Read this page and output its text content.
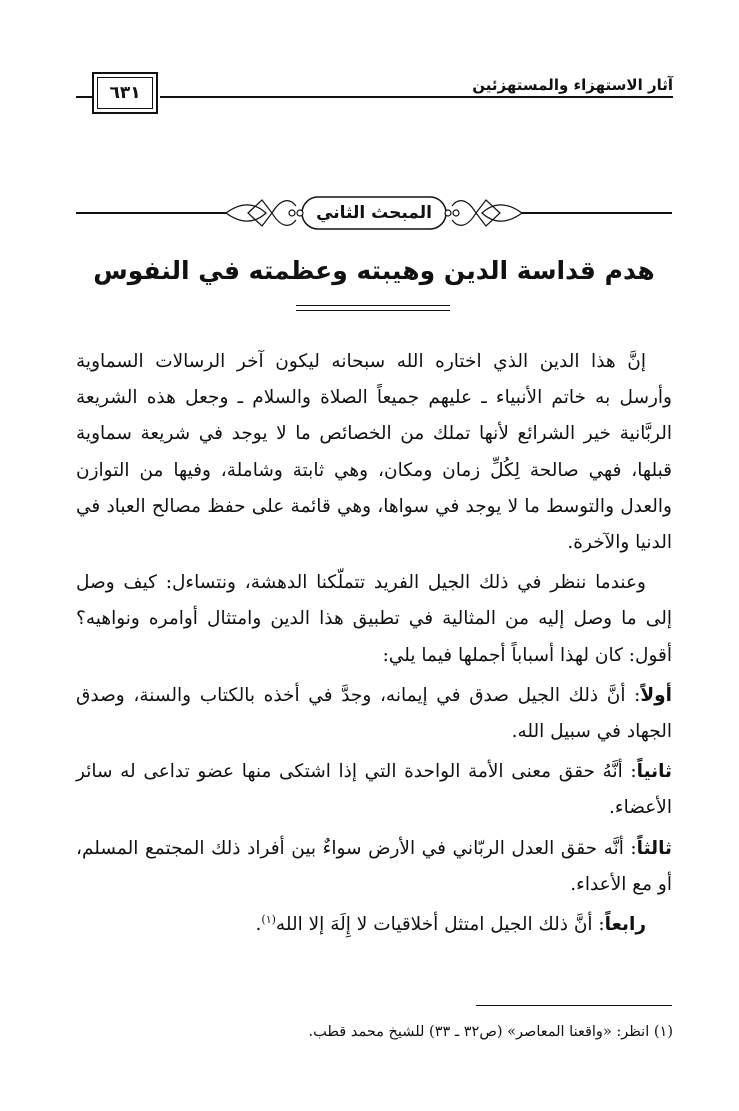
آثار الاستهزاء والمستهزئين
٦٣١
المبحث الثاني
هدم قداسة الدين وهيبته وعظمته في النفوس

إنَّ هذا الدين الذي اختاره الله سبحانه ليكون آخر الرسالات السماوية وأرسل به خاتم الأنبياء ـ عليهم جميعاً الصلاة والسلام ـ وجعل هذه الشريعة الربَّانية خير الشرائع لأنها تملك من الخصائص ما لا يوجد في شريعة سماوية قبلها، فهي صالحة لِكُلِّ زمان ومكان، وهي ثابتة وشاملة، وفيها من التوازن والعدل والتوسط ما لا يوجد في سواها، وهي قائمة على حفظ مصالح العباد في الدنيا والآخرة.

وعندما ننظر في ذلك الجيل الفريد تتملّكنا الدهشة، ونتساءل: كيف وصل إلى ما وصل إليه من المثالية في تطبيق هذا الدين وامتثال أوامره ونواهيه؟ أقول: كان لهذا أسباباً أجملها فيما يلي:

أولاً: أنَّ ذلك الجيل صدق في إيمانه، وجدَّ في أخذه بالكتاب والسنة، وصدق الجهاد في سبيل الله.

ثانياً: أنَّهُ حقق معنى الأمة الواحدة التي إذا اشتكى منها عضو تداعى له سائر الأعضاء.

ثالثاً: أنَّه حقق العدل الربّاني في الأرض سواءٌ بين أفراد ذلك المجتمع المسلم، أو مع الأعداء.

رابعاً: أنَّ ذلك الجيل امتثل أخلاقيات لا إِلَهَ إلا الله$^{(١)}$.

(١) انظر: «واقعنا المعاصر» (ص٣٢ ـ ٣٣) للشيخ محمد قطب.
